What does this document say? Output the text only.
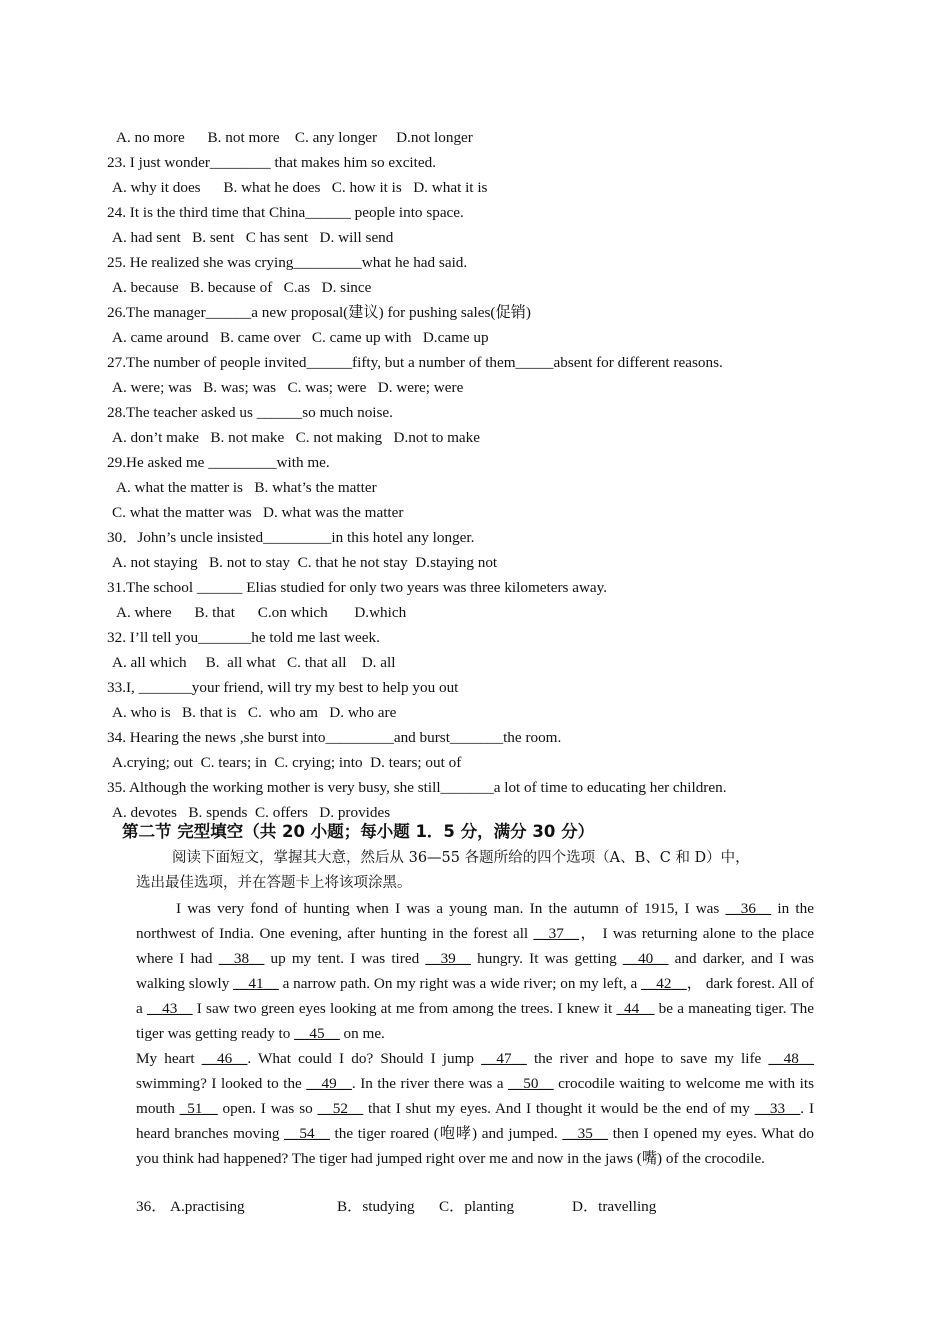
A. no more      B. not more    C. any longer     D.not longer
23. I just wonder________ that makes him so excited.
A. why it does      B. what he does   C. how it is   D. what it is
24. It is the third time that China______ people into space.
A. had sent   B. sent   C has sent   D. will send
25. He realized she was crying_________what he had said.
A. because   B. because of   C.as   D. since
26.The manager______a new proposal(建议) for pushing sales(促销)
A. came around   B. came over   C. came up with   D.came up
27.The number of people invited______fifty, but a number of them_____absent for different reasons.
A. were; was   B. was; was   C. was; were   D. were; were
28.The teacher asked us ______so much noise.
A. don’t make   B. not make   C. not making   D.not to make
29.He asked me _________with me.
A. what the matter is   B. what’s the matter
C. what the matter was   D. what was the matter
30．John’s uncle insisted_________in this hotel any longer.
A. not staying   B. not to stay  C. that he not stay  D.staying not
31.The school ______ Elias studied for only two years was three kilometers away.
A. where      B. that      C.on which       D.which
32. I’ll tell you_______he told me last week.
A. all which     B.  all what   C. that all    D. all
33.I, _______your friend, will try my best to help you out
A. who is   B. that is   C.  who am   D. who are
34. Hearing the news ,she burst into_________and burst_______the room.
A.crying; out  C. tears; in  C. crying; into  D. tears; out of
35. Although the working mother is very busy, she still_______a lot of time to educating her children.
A. devotes   B. spends  C. offers   D. provides
第二节 完型填空（共 20 小题；每小题 1．5 分，满分 30 分）
阅读下面短文，掌握其大意，然后从 36—55 各题所给的四个选项（A、B、C 和 D）中，
选出最佳选项，并在答题卡上将该项涂黑。

I was very fond of hunting when I was a young man. In the autumn of 1915, I was __36__ in the northwest of India. One evening, after hunting in the forest all __37__， I was returning alone to the place where I had __38__ up my tent. I was tired __39__ hungry. It was getting __40__ and darker, and I was walking slowly __41__ a narrow path. On my right was a wide river; on my left, a __42__， dark forest. All of a __43__ I saw two green eyes looking at me from among the trees. I knew it _44__ be a maneating tiger. The tiger was getting ready to __45__ on me.

My heart __46__. What could I do? Should I jump __47__ the river and hope to save my life __48__ swimming? I looked to the __49__. In the river there was a __50__ crocodile waiting to welcome me with its mouth _51__ open. I was so __52__ that I shut my eyes. And I thought it would be the end of my __33__. I heard branches moving __54__ the tiger roared (咆哮) and jumped. __35__ then I opened my eyes. What do you think had happened? The tiger had jumped right over me and now in the jaws (嘴) of the crocodile.

36． A.practising	B．studying C．planting	D．travelling
